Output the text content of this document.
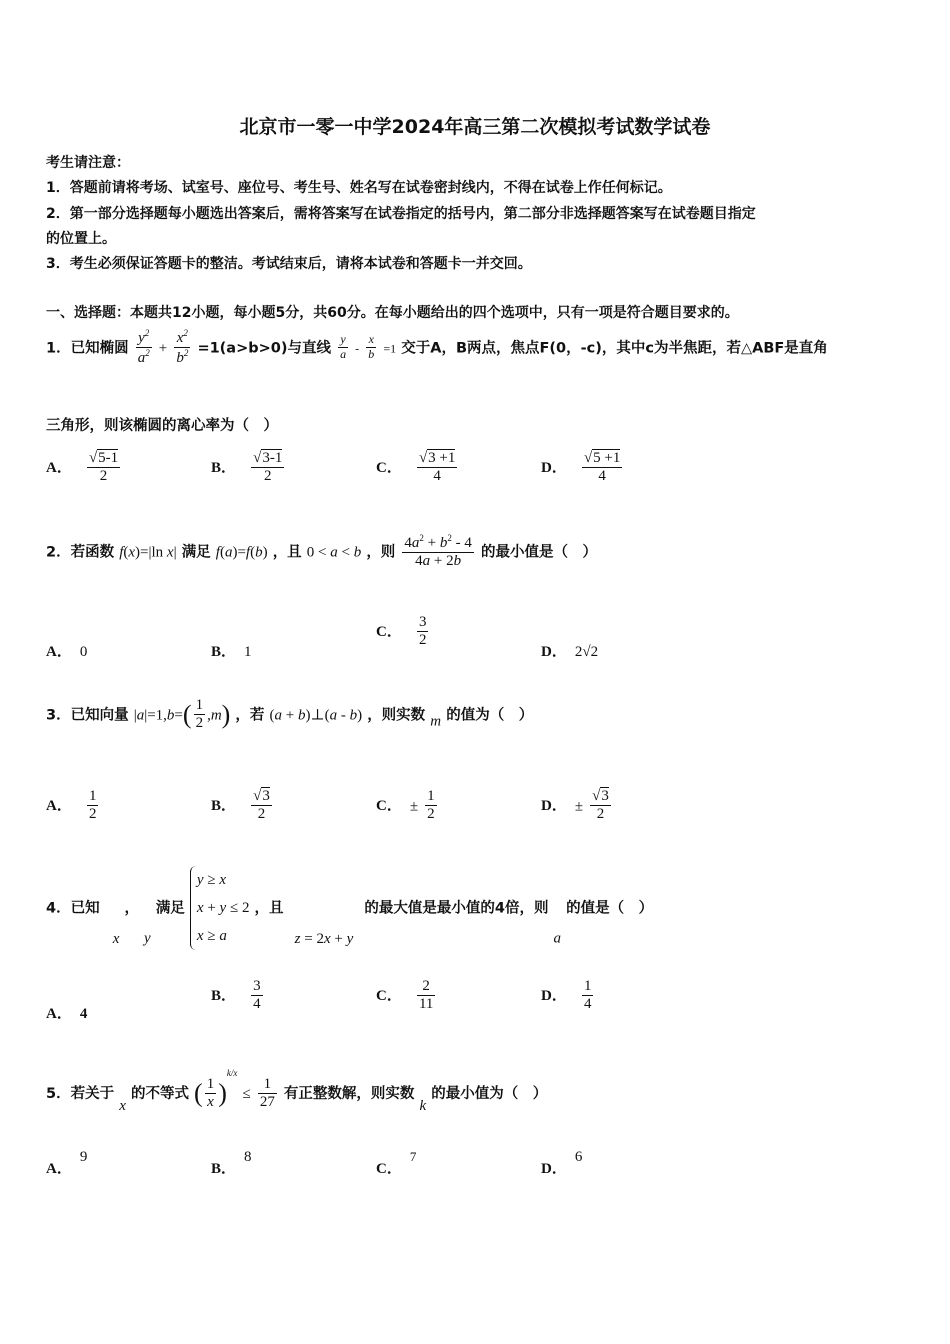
北京市一零一中学2024年高三第二次模拟考试数学试卷
考生请注意：
1．答题前请将考场、试室号、座位号、考生号、姓名写在试卷密封线内，不得在试卷上作任何标记。
2．第一部分选择题每小题选出答案后，需将答案写在试卷指定的括号内，第二部分非选择题答案写在试卷题目指定
的位置上。
3．考生必须保证答题卡的整洁。考试结束后，请将本试卷和答题卡一并交回。
一、选择题：本题共12小题，每小题5分，共60分。在每小题给出的四个选项中，只有一项是符合题目要求的。
1．已知椭圆 $\frac{y^2}{a^2} + \frac{x^2}{b^2} =1(a>b>0)$与直线 $\frac{y}{a} - \frac{x}{b} =1$ 交于A，B两点，焦点F(0，-c)，其中c为半焦距，若△ABF是直角
三角形，则该椭圆的离心率为（　）
A． $\frac{√5-1}{2}$	B． $\frac{√3-1}{2}$	C． $\frac{√3 +1}{4}$	D． $\frac{√5 +1}{4}$
2．若函数 f(x)=|ln x| 满足 f(a)=f(b) ，且 0 < a < b ，则 $\frac{4a^2 + b^2 - 4}{4a + 2b}$ 的最小值是（　）
A． 0	B． 1
C． $\frac{3}{2}$
D． 2√2
3．已知向量 $|a|=1,b=( \frac{1}{2} ,m)$ ，若 (a + b)⊥(a - b) ，则实数 m 的值为（　）
A． $\frac{1}{2}$	B． $\frac{√3}{2}$	C． ± $\frac{1}{2}$	D． ± $\frac{√3}{2}$
4．已知 x ， y 满足
y ≥ x
x + y ≤ 2
x ≥ a
，且 z = 2x + y 的最大值是最小值的4倍，则 a 的值是（　）
A． 4
B． $\frac{3}{4}$	C． $\frac{2}{11}$	D． $\frac{1}{4}$
5．若关于 x 的不等式 ( $\frac{1}{x} )^{k/x} \le \frac{1}{27}$ 有正整数解，则实数 k 的最小值为（　）
A．9
B．8
C．7
D．6
